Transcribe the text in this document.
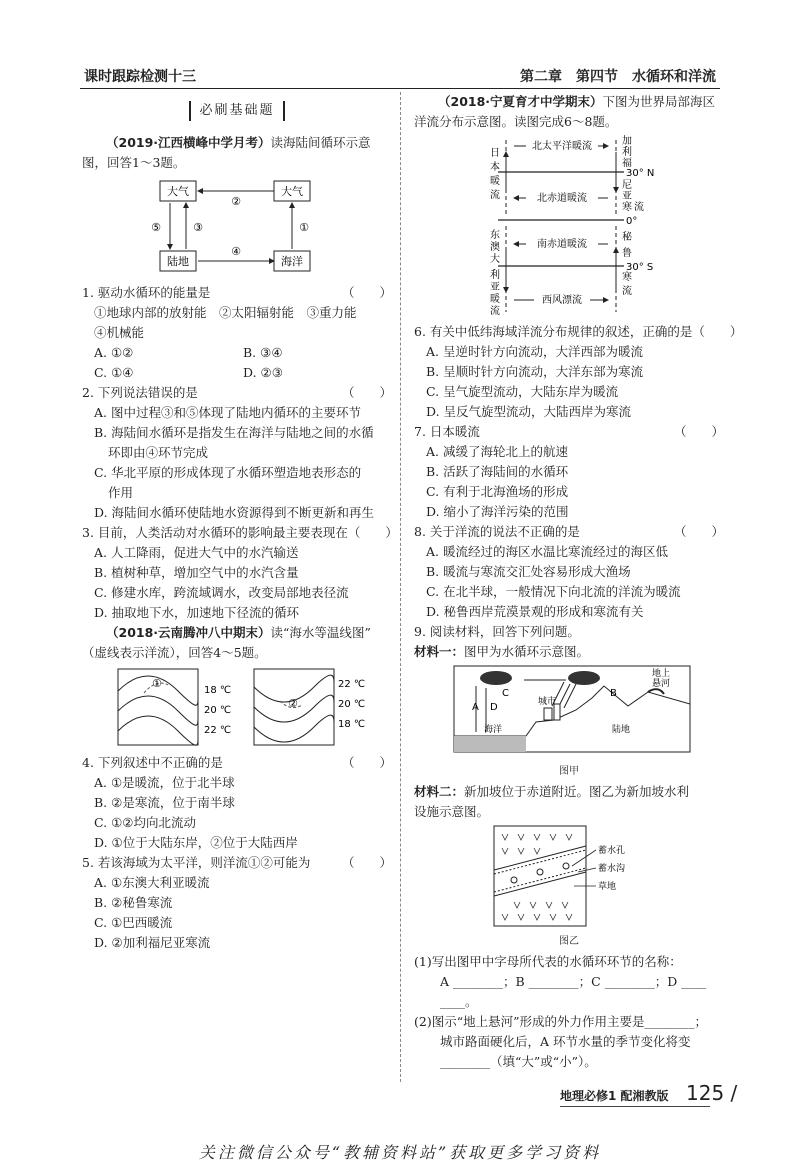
课时跟踪检测十三	第二章　第四节　水循环和洋流
必刷基础题

（2019·江西横峰中学月考）读海陆间循环示意

图，回答1～3题。

大气	大气
陆地	海洋
②
⑤	③	①
④
1. 驱动水循环的能量是	（　　）

①地球内部的放射能　②太阳辐射能　③重力能

④机械能

A. ①②	B. ③④
C. ①④	D. ②③
2. 下列说法错误的是	（　　）

A. 图中过程③和⑤体现了陆地内循环的主要环节

B. 海陆间水循环是指发生在海洋与陆地之间的水循

环即由④环节完成

C. 华北平原的形成体现了水循环塑造地表形态的

作用

D. 海陆间水循环使陆地水资源得到不断更新和再生

3. 目前，人类活动对水循环的影响最主要表现在 （　　）

A. 人工降雨，促进大气中的水汽输送

B. 植树种草，增加空气中的水汽含量

C. 修建水库，跨流域调水，改变局部地表径流

D. 抽取地下水，加速地下径流的循环

（2018·云南腾冲八中期末）读“海水等温线图”

（虚线表示洋流），回答4～5题。

①
②
18 ℃
20 ℃
22 ℃
22 ℃
20 ℃
18 ℃
4. 下列叙述中不正确的是	（　　）

A. ①是暖流，位于北半球

B. ②是寒流，位于南半球

C. ①②均向北流动

D. ①位于大陆东岸，②位于大陆西岸

5. 若该海域为太平洋，则洋流①②可能为	（　　）

A. ①东澳大利亚暖流

B. ②秘鲁寒流

C. ①巴西暖流

D. ②加利福尼亚寒流

（2018·宁夏育才中学期末）下图为世界局部海区

洋流分布示意图。读图完成6～8题。

北太平洋暖流
北赤道暖流
南赤道暖流
西风漂流
30° N
0°
30° S
日
本
暖
流
加
利
福
尼
亚
寒 流
东
澳
大
利
亚
暖
流
秘
鲁
寒
流
6. 有关中低纬海域洋流分布规律的叙述，正确的是 （　　）

A. 呈逆时针方向流动，大洋西部为暖流

B. 呈顺时针方向流动，大洋东部为寒流

C. 呈气旋型流动，大陆东岸为暖流

D. 呈反气旋型流动，大陆西岸为寒流

7. 日本暖流	（　　）

A. 减缓了海轮北上的航速

B. 活跃了海陆间的水循环

C. 有利于北海渔场的形成

D. 缩小了海洋污染的范围

8. 关于洋流的说法不正确的是	（　　）

A. 暖流经过的海区水温比寒流经过的海区低

B. 暖流与寒流交汇处容易形成大渔场

C. 在北半球，一般情况下向北流的洋流为暖流

D. 秘鲁西岸荒漠景观的形成和寒流有关

9. 阅读材料，回答下列问题。

材料一：图甲为水循环示意图。

C
A D
B
城市
海洋	陆地
地上
悬河

图甲

材料二：新加坡位于赤道附近。图乙为新加坡水利

设施示意图。

蓄水孔
蓄水沟
草地

图乙

(1)写出图甲中字母所代表的水循环环节的名称：

A ________；B ________；C ________；D ____

____。

(2)图示“地上悬河”形成的外力作用主要是________；

城市路面硬化后，A 环节水量的季节变化将变

________（填“大”或“小”）。

地理必修1 配湘教版 125 /
关注微信公众号“教辅资料站”获取更多学习资料
